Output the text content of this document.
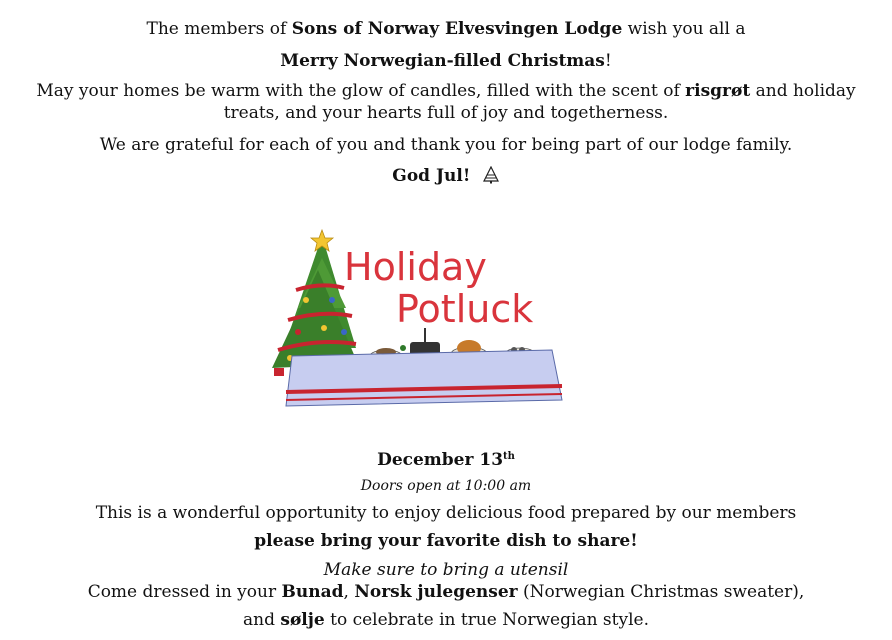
The members of Sons of Norway Elvesvingen Lodge wish you all a
Merry Norwegian-filled Christmas!
May your homes be warm with the glow of candles, filled with the scent of risgrøt and holiday
treats, and your hearts full of joy and togetherness.
We are grateful for each of you and thank you for being part of our lodge family.
God Jul!
Holiday
Potluck
December 13th
Doors open at 10:00 am
This is a wonderful opportunity to enjoy delicious food prepared by our members
please bring your favorite dish to share!
Make sure to bring a utensil
Come dressed in your Bunad, Norsk julegenser (Norwegian Christmas sweater),
and sølje to celebrate in true Norwegian style.
